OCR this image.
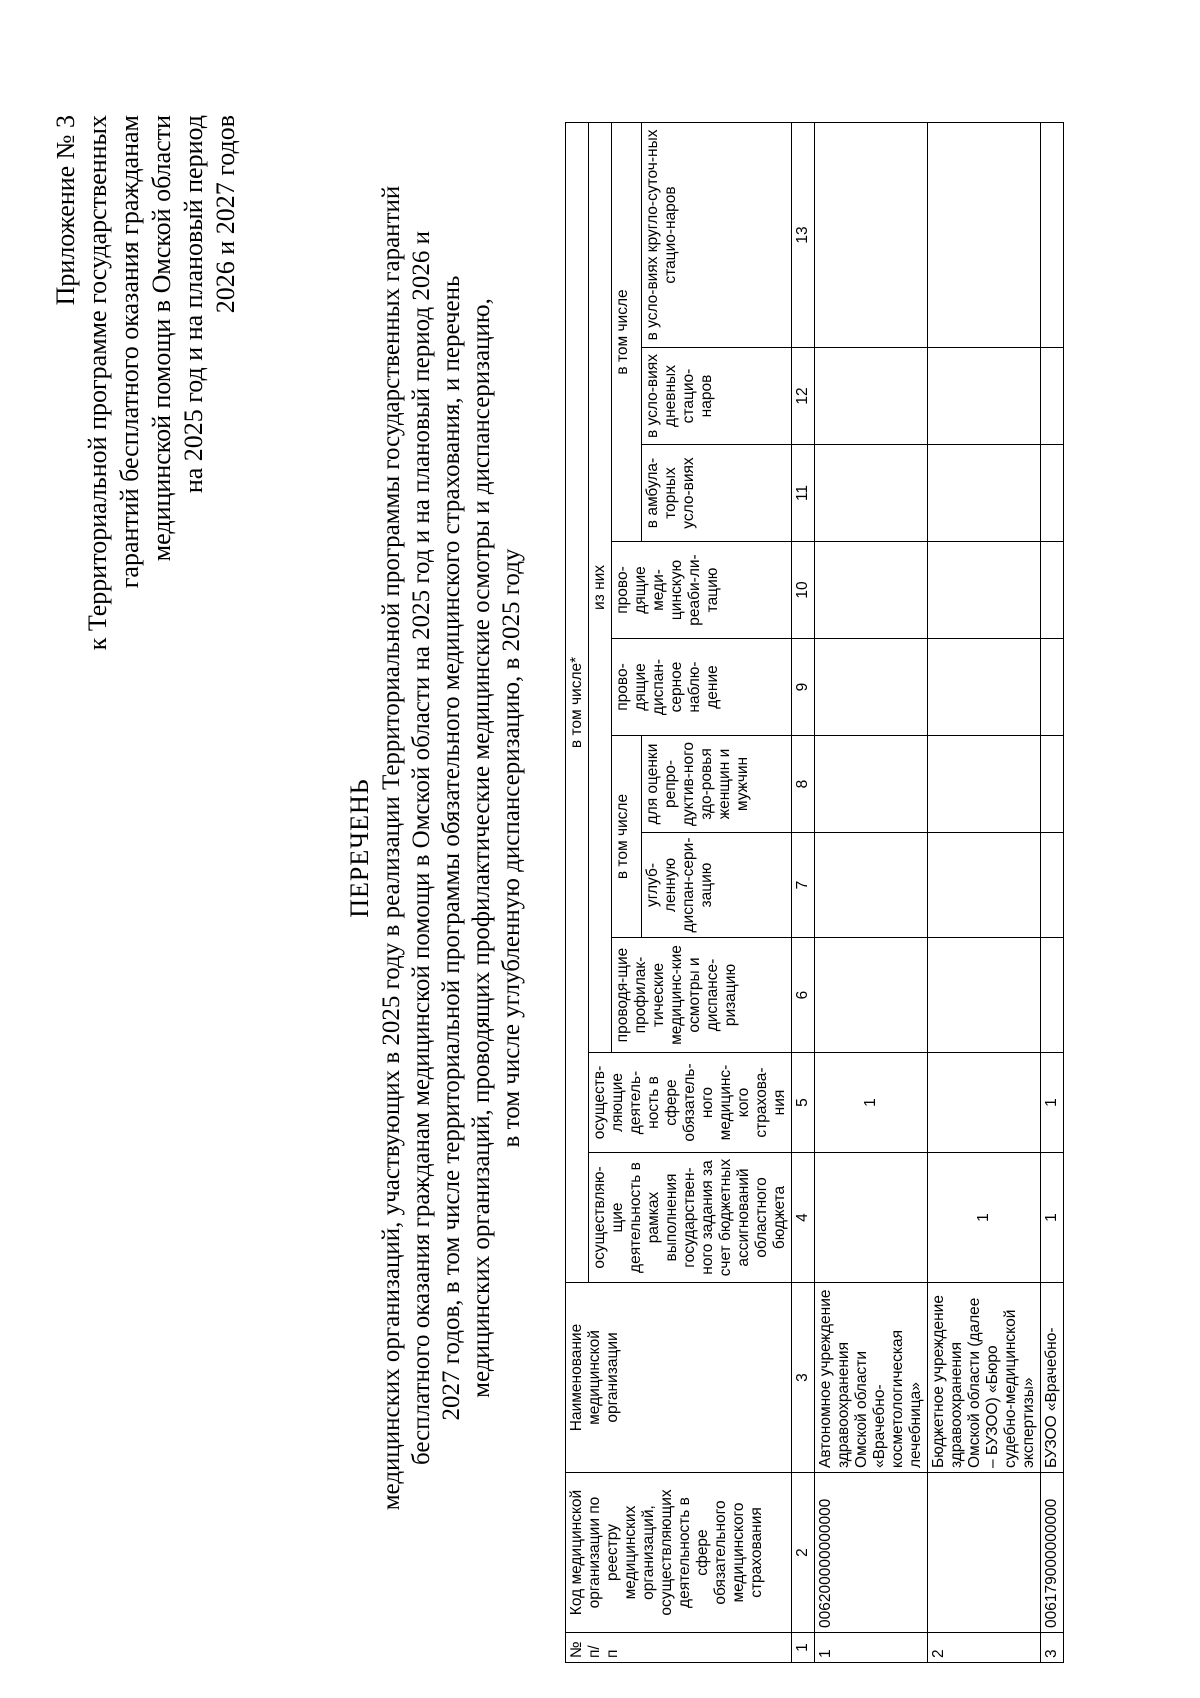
Приложение № 3 к Территориальной программе государственных гарантий бесплатного оказания гражданам медицинской помощи в Омской области на 2025 год и на плановый период 2026 и 2027 годов
ПЕРЕЧЕНЬ медицинских организаций, участвующих в 2025 году в реализации Территориальной программы государственных гарантий бесплатного оказания гражданам медицинской помощи в Омской области на 2025 год и на плановый период 2026 и 2027 годов, в том числе территориальной программы обязательного медицинского страхования, и перечень медицинских организаций, проводящих профилактические медицинские осмотры и диспансеризацию, в том числе углубленную диспансеризацию, в 2025 году
№ п/п	Код медицинской организации по реестру медицинских организаций, осуществляющих деятельность в сфере обязательного медицинского страхования	Наименование медицинской организации	в том числе*									
			осуществляю-щие деятельность в рамках выполнения государствен-ного задания за счет бюджетных ассигнований областного бюджета	осуществ-ляющие деятель-ность в сфере обязатель-ного медицинс-кого страхова-ния	из них							
					проводя-щие профилак-тические медицинс-кие осмотры и диспансе-ризацию	в том числе		прово-дящие диспан-серное наблю-дение	прово-дящие меди-цинскую реаби-ли-тацию	в том числе		
						углуб-ленную диспан-сери-зацию	для оценки репро-дуктив-ного здо-ровья женщин и мужчин			в амбула-торных усло-виях	в усло-виях дневных стацио-наров	в усло-виях кругло-суточ-ных стацио-наров
1	2	3	4	5	6	7	8	9	10	11	12	13
1	006200000000000	Автономное учреждение здравоохранения Омской области «Врачебно-косметологическая лечебница»		1								
2		Бюджетное учреждение здравоохранения Омской области (далее – БУЗОО) «Бюро судебно-медицинской экспертизы»	1									
3	006179000000000	БУЗОО «Врачебно-	1	1								
